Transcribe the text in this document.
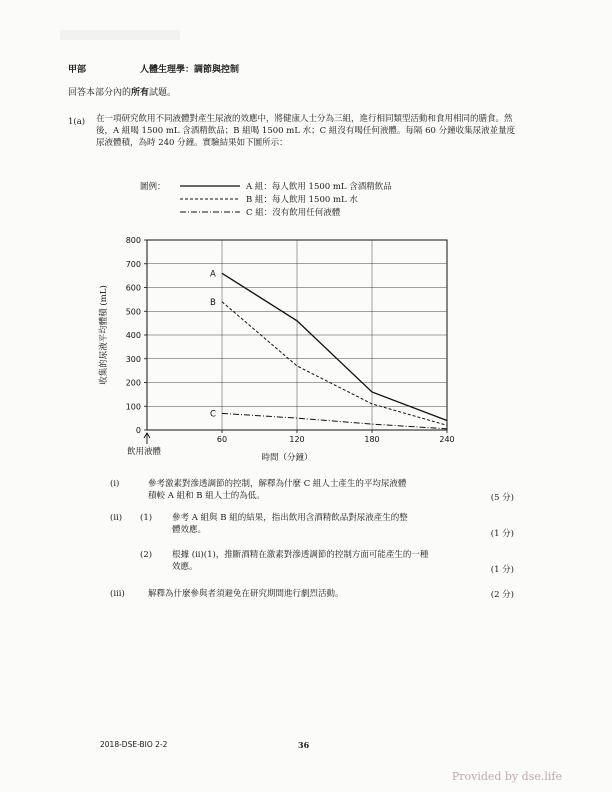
甲部	人體生理學：調節與控制
回答本部分內的所有試題。
1(a) 在一項研究飲用不同液體對產生尿液的效應中，將健康人士分為三組，進行相同類型活動和食用相同的膳食。然後，A 組喝 1500 mL 含酒精飲品；B 組喝 1500 mL 水；C 組沒有喝任何液體。每隔 60 分鐘收集尿液並量度尿液體積，為時 240 分鐘。實驗結果如下圖所示：
圖例：	A 組：每人飲用 1500 mL 含酒精飲品
B 組：每人飲用 1500 mL 水
C 組：沒有飲用任何液體
0
100
200
300
400
500
600
700
800
60	120	180	240
飲用液體
時間（分鐘）
收集的尿液平均體積 (mL)
A
B
C
(i)	參考激素對滲透調節的控制，解釋為什麼 C 組人士產生的平均尿液體
積較 A 組和 B 組人士的為低。	(5 分)
(ii) (1) 參考 A 組與 B 組的結果，指出飲用含酒精飲品對尿液產生的整
體效應。	(1 分)
(2) 根據 (ii)(1)，推斷酒精在激素對滲透調節的控制方面可能產生的一種
效應。	(1 分)
(iii)	解釋為什麼參與者須避免在研究期間進行劇烈活動。	(2 分)
2018-DSE-BIO 2-2	36
Provided by dse.life
